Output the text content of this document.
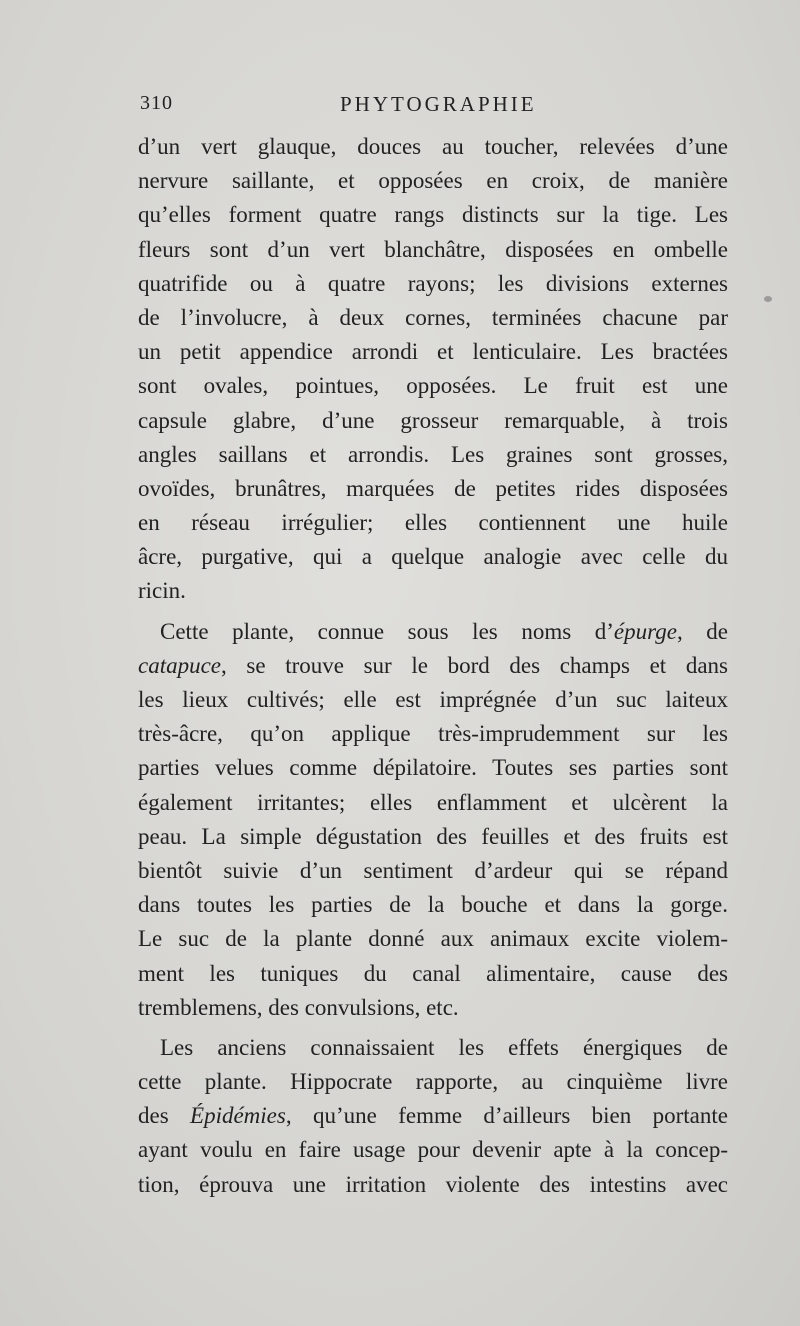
310	PHYTOGRAPHIE
d’un vert glauque, douces au toucher, relevées d’une
nervure saillante, et opposées en croix, de manière
qu’elles forment quatre rangs distincts sur la tige. Les
fleurs sont d’un vert blanchâtre, disposées en ombelle
quatrifide ou à quatre rayons; les divisions externes
de l’involucre, à deux cornes, terminées chacune par
un petit appendice arrondi et lenticulaire. Les bractées
sont ovales, pointues, opposées. Le fruit est une
capsule glabre, d’une grosseur remarquable, à trois
angles saillans et arrondis. Les graines sont grosses,
ovoïdes, brunâtres, marquées de petites rides disposées
en réseau irrégulier; elles contiennent une huile
âcre, purgative, qui a quelque analogie avec celle du
ricin.
Cette plante, connue sous les noms d’épurge, de
catapuce, se trouve sur le bord des champs et dans
les lieux cultivés; elle est imprégnée d’un suc laiteux
très-âcre, qu’on applique très-imprudemment sur les
parties velues comme dépilatoire. Toutes ses parties sont
également irritantes; elles enflamment et ulcèrent la
peau. La simple dégustation des feuilles et des fruits est
bientôt suivie d’un sentiment d’ardeur qui se répand
dans toutes les parties de la bouche et dans la gorge.
Le suc de la plante donné aux animaux excite violem-
ment les tuniques du canal alimentaire, cause des
tremblemens, des convulsions, etc.
Les anciens connaissaient les effets énergiques de
cette plante. Hippocrate rapporte, au cinquième livre
des Épidémies, qu’une femme d’ailleurs bien portante
ayant voulu en faire usage pour devenir apte à la concep-
tion, éprouva une irritation violente des intestins avec
